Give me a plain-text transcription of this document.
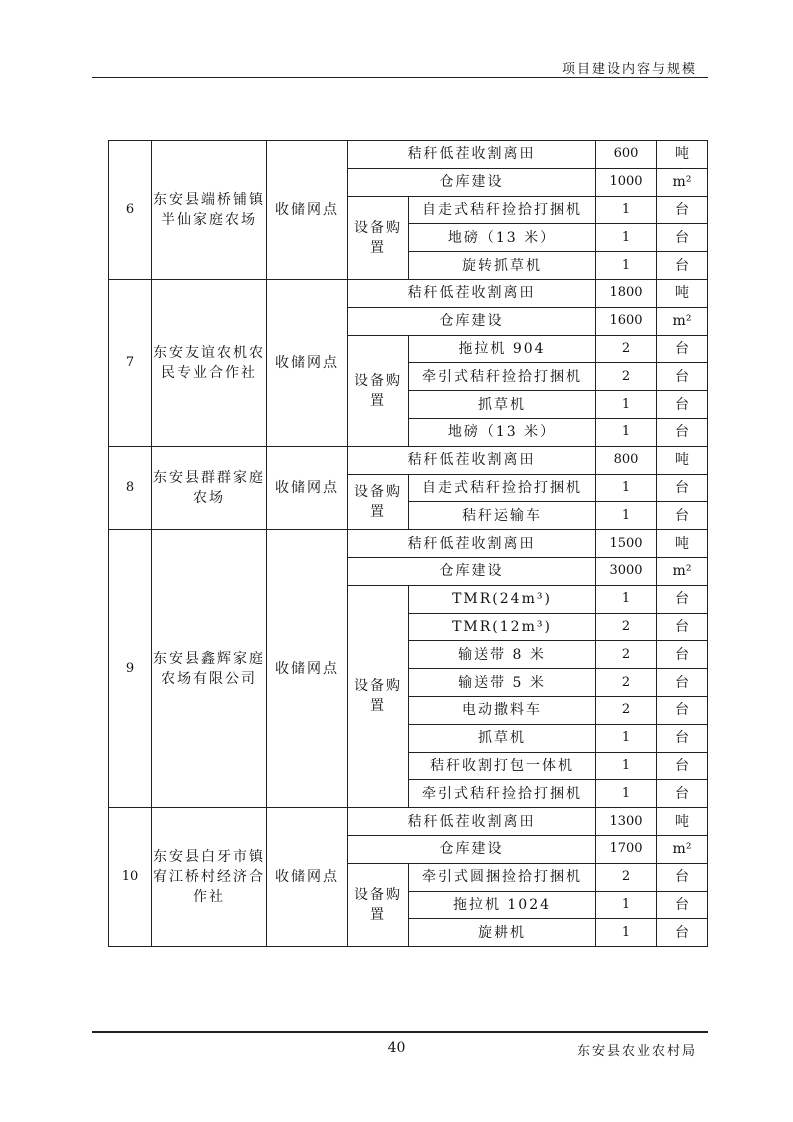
项目建设内容与规模
6	东安县端桥铺镇半仙家庭农场	收储网点	秸秆低茬收割离田		600	吨
			仓库建设		1000	m²
			设备购置	自走式秸秆捡拾打捆机	1	台
				地磅（13 米）	1	台
				旋转抓草机	1	台
7	东安友谊农机农民专业合作社	收储网点	秸秆低茬收割离田		1800	吨
			仓库建设		1600	m²
			设备购置	拖拉机 904	2	台
				牵引式秸秆捡拾打捆机	2	台
				抓草机	1	台
				地磅（13 米）	1	台
8	东安县群群家庭农场	收储网点	秸秆低茬收割离田		800	吨
			设备购置	自走式秸秆捡拾打捆机	1	台
				秸秆运输车	1	台
9	东安县鑫辉家庭农场有限公司	收储网点	秸秆低茬收割离田		1500	吨
			仓库建设		3000	m²
			设备购置	TMR(24m³)	1	台
				TMR(12m³)	2	台
				输送带 8 米	2	台
				输送带 5 米	2	台
				电动撒料车	2	台
				抓草机	1	台
				秸秆收割打包一体机	1	台
				牵引式秸秆捡拾打捆机	1	台
10	东安县白牙市镇宥江桥村经济合作社	收储网点	秸秆低茬收割离田		1300	吨
			仓库建设		1700	m²
			设备购置	牵引式圆捆捡拾打捆机	2	台
				拖拉机 1024	1	台
				旋耕机	1	台
40	东安县农业农村局
